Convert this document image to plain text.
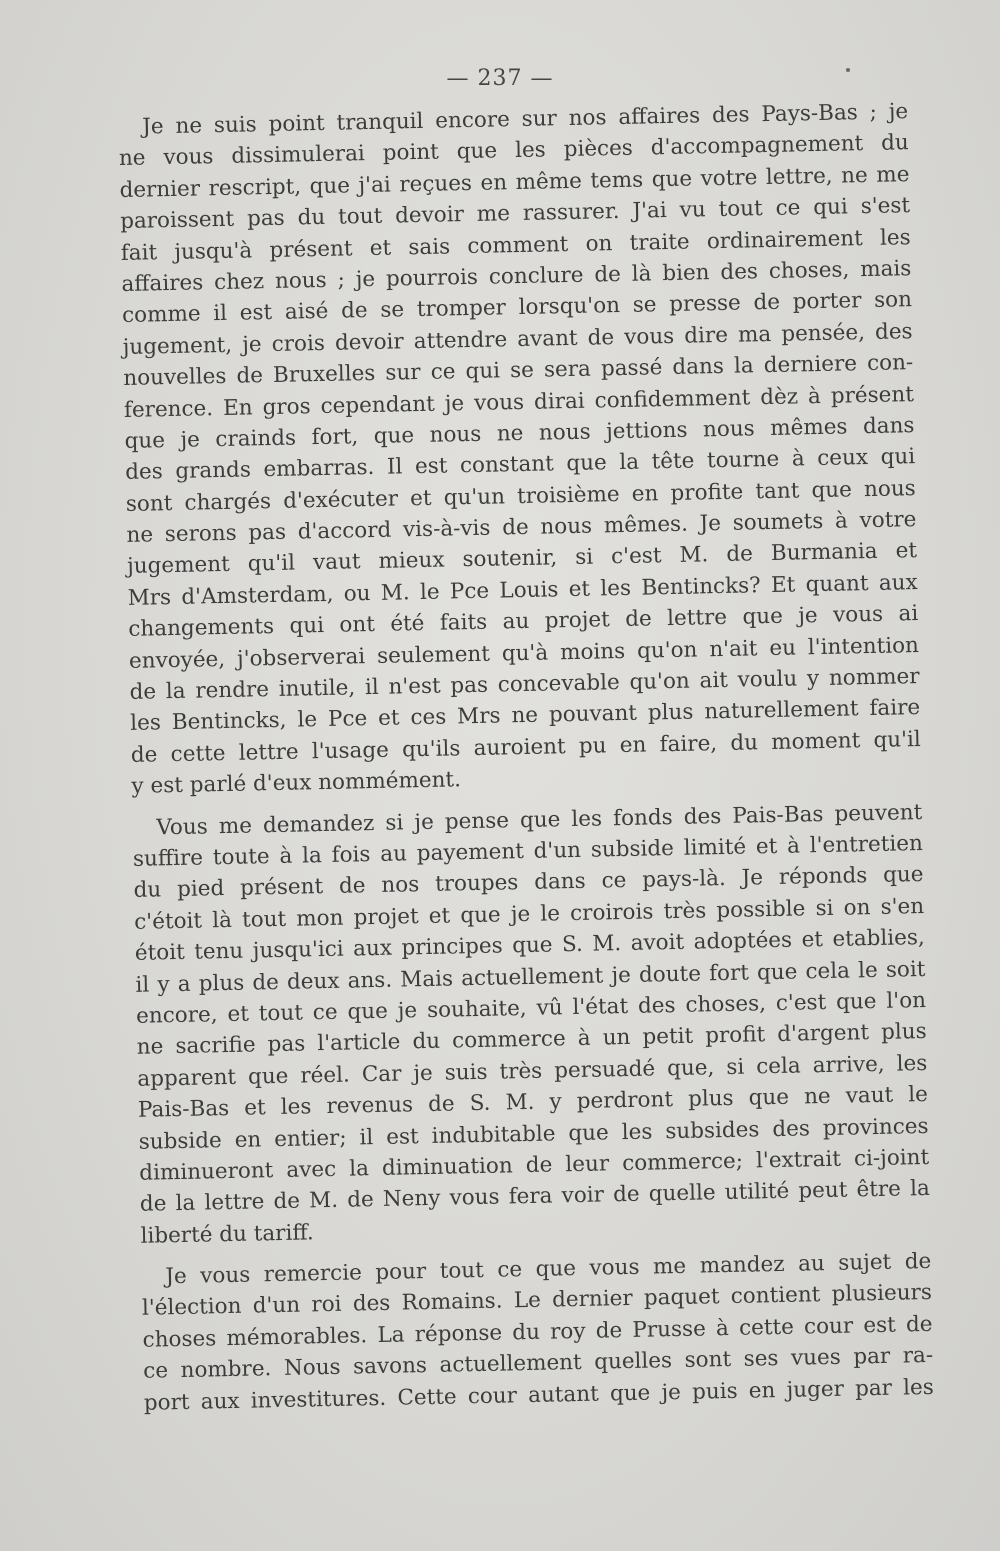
— 237 —
Je ne suis point tranquil encore sur nos affaires des Pays-Bas ; je
ne vous dissimulerai point que les pièces d'accompagnement du
dernier rescript, que j'ai reçues en même tems que votre lettre, ne me
paroissent pas du tout devoir me rassurer. J'ai vu tout ce qui s'est
fait jusqu'à présent et sais comment on traite ordinairement les
affaires chez nous ; je pourrois conclure de là bien des choses, mais
comme il est aisé de se tromper lorsqu'on se presse de porter son
jugement, je crois devoir attendre avant de vous dire ma pensée, des
nouvelles de Bruxelles sur ce qui se sera passé dans la derniere con-
ference. En gros cependant je vous dirai confidemment dèz à présent
que je crainds fort, que nous ne nous jettions nous mêmes dans
des grands embarras. Il est constant que la tête tourne à ceux qui
sont chargés d'exécuter et qu'un troisième en profite tant que nous
ne serons pas d'accord vis-à-vis de nous mêmes. Je soumets à votre
jugement qu'il vaut mieux soutenir, si c'est M. de Burmania et
Mrs d'Amsterdam, ou M. le Pce Louis et les Bentincks? Et quant aux
changements qui ont été faits au projet de lettre que je vous ai
envoyée, j'observerai seulement qu'à moins qu'on n'ait eu l'intention
de la rendre inutile, il n'est pas concevable qu'on ait voulu y nommer
les Bentincks, le Pce et ces Mrs ne pouvant plus naturellement faire
de cette lettre l'usage qu'ils auroient pu en faire, du moment qu'il
y est parlé d'eux nommément.
Vous me demandez si je pense que les fonds des Pais-Bas peuvent
suffire toute à la fois au payement d'un subside limité et à l'entretien
du pied présent de nos troupes dans ce pays-là. Je réponds que
c'étoit là tout mon projet et que je le croirois très possible si on s'en
étoit tenu jusqu'ici aux principes que S. M. avoit adoptées et etablies,
il y a plus de deux ans. Mais actuellement je doute fort que cela le soit
encore, et tout ce que je souhaite, vû l'état des choses, c'est que l'on
ne sacrifie pas l'article du commerce à un petit profit d'argent plus
apparent que réel. Car je suis très persuadé que, si cela arrive, les
Pais-Bas et les revenus de S. M. y perdront plus que ne vaut le
subside en entier; il est indubitable que les subsides des provinces
diminueront avec la diminuation de leur commerce; l'extrait ci-joint
de la lettre de M. de Neny vous fera voir de quelle utilité peut être la
liberté du tariff.
Je vous remercie pour tout ce que vous me mandez au sujet de
l'élection d'un roi des Romains. Le dernier paquet contient plusieurs
choses mémorables. La réponse du roy de Prusse à cette cour est de
ce nombre. Nous savons actuellement quelles sont ses vues par ra-
port aux investitures. Cette cour autant que je puis en juger par les
